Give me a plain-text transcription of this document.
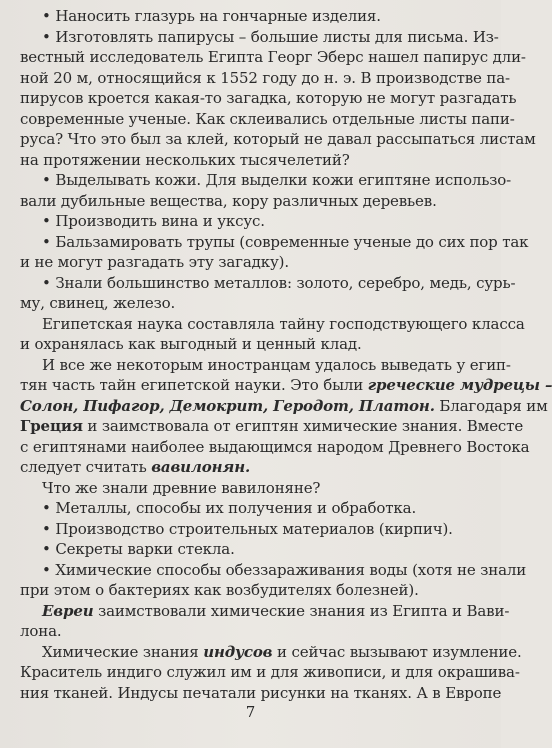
• Наносить глазурь на гончарные изделия.
• Изготовлять папирусы – большие листы для письма. Из-
вестный исследователь Египта Георг Эберс нашел папирус дли-
ной 20 м, относящийся к 1552 году до н. э. В производстве па-
пирусов кроется какая-то загадка, которую не могут разгадать
современные ученые. Как склеивались отдельные листы папи-
руса? Что это был за клей, который не давал рассыпаться листам
на протяжении нескольких тысячелетий?
• Выделывать кожи. Для выделки кожи египтяне использо-
вали дубильные вещества, кору различных деревьев.
• Производить вина и уксус.
• Бальзамировать трупы (современные ученые до сих пор так
и не могут разгадать эту загадку).
• Знали большинство металлов: золото, серебро, медь, сурь-
му, свинец, железо.
Египетская наука составляла тайну господствующего класса
и охранялась как выгодный и ценный клад.
И все же некоторым иностранцам удалось выведать у егип-
тян часть тайн египетской науки. Это были греческие мудрецы –
Солон, Пифагор, Демокрит, Геродот, Платон. Благодаря им
Греция и заимствовала от египтян химические знания. Вместе
с египтянами наиболее выдающимся народом Древнего Востока
следует считать вавилонян.
Что же знали древние вавилоняне?
• Металлы, способы их получения и обработка.
• Производство строительных материалов (кирпич).
• Секреты варки стекла.
• Химические способы обеззараживания воды (хотя не знали
при этом о бактериях как возбудителях болезней).
Евреи заимствовали химические знания из Египта и Вави-
лона.
Химические знания индусов и сейчас вызывают изумление.
Краситель индиго служил им и для живописи, и для окрашива-
ния тканей. Индусы печатали рисунки на тканях. А в Европе
7
